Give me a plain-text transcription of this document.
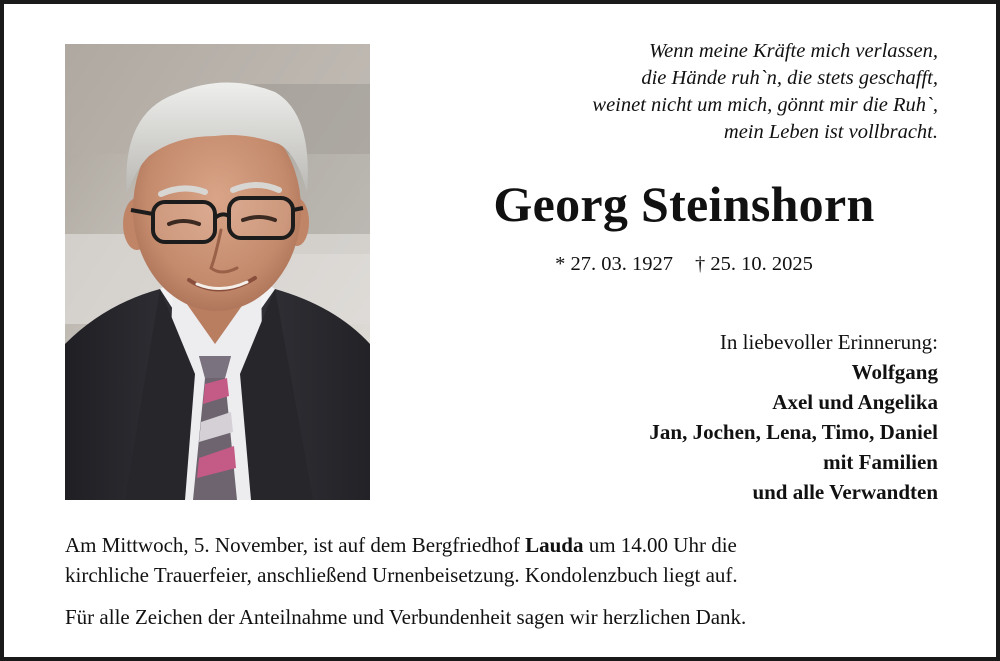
Wenn meine Kräfte mich verlassen,
die Hände ruh`n, die stets geschafft,
weinet nicht um mich, gönnt mir die Ruh`,
mein Leben ist vollbracht.
Georg Steinshorn
* 27. 03. 1927 † 25. 10. 2025
In liebevoller Erinnerung:
Wolfgang
Axel und Angelika
Jan, Jochen, Lena, Timo, Daniel
mit Familien
und alle Verwandten
Am Mittwoch, 5. November, ist auf dem Bergfriedhof Lauda um 14.00 Uhr die
kirchliche Trauerfeier, anschließend Urnenbeisetzung. Kondolenzbuch liegt auf.
Für alle Zeichen der Anteilnahme und Verbundenheit sagen wir herzlichen Dank.
